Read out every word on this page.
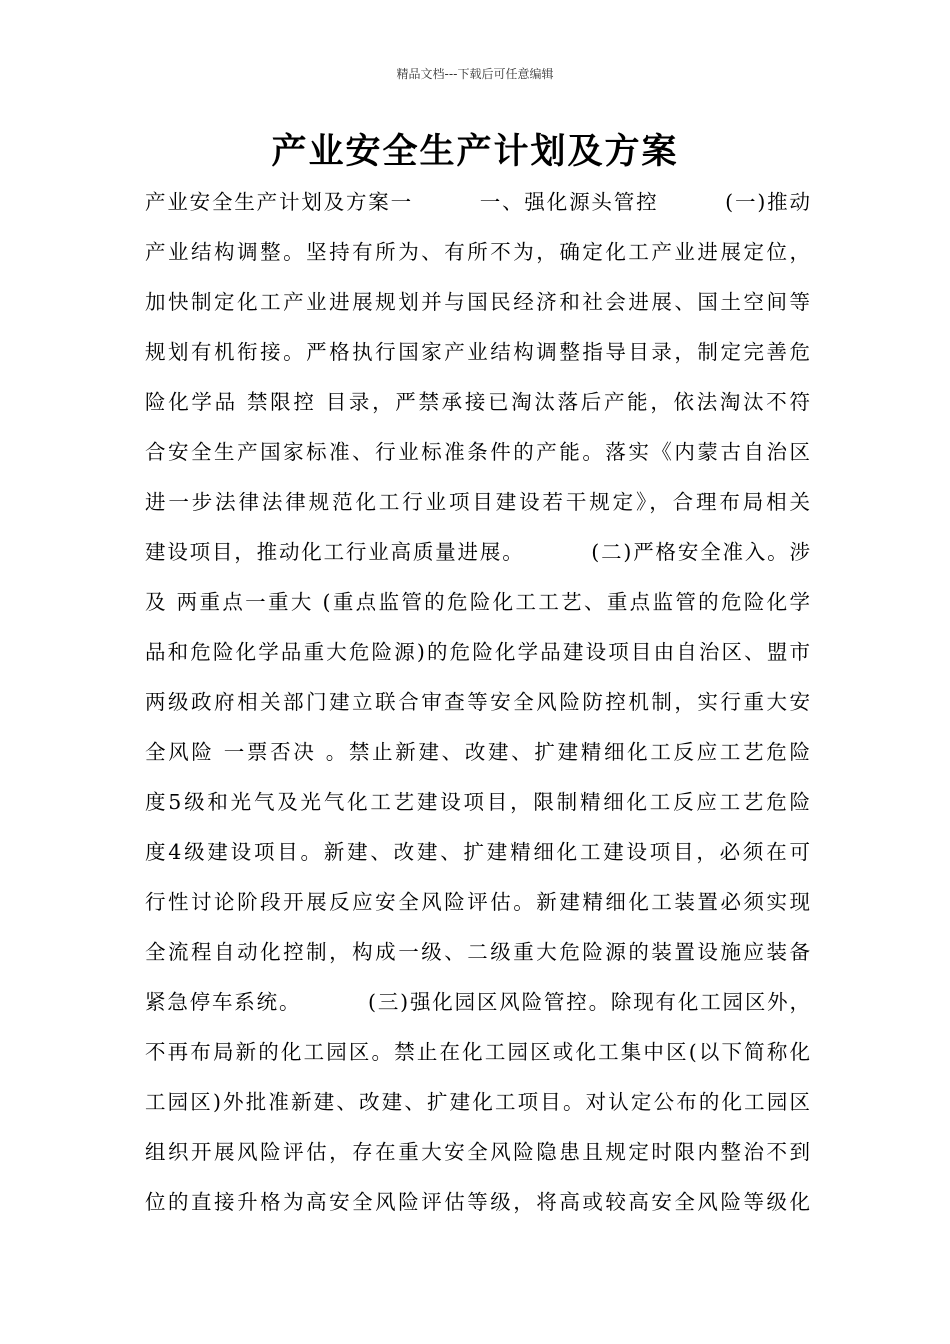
精品文档---下载后可任意编辑
产业安全生产计划及方案
产业安全生产计划及方案一        一、强化源头管控        (一)推动
产业结构调整。坚持有所为、有所不为，确定化工产业进展定位，
加快制定化工产业进展规划并与国民经济和社会进展、国土空间等
规划有机衔接。严格执行国家产业结构调整指导目录，制定完善危
险化学品 禁限控 目录，严禁承接已淘汰落后产能，依法淘汰不符
合安全生产国家标准、行业标准条件的产能。落实《内蒙古自治区
进一步法律法律规范化工行业项目建设若干规定》，合理布局相关
建设项目，推动化工行业高质量进展。        (二)严格安全准入。涉
及 两重点一重大 (重点监管的危险化工工艺、重点监管的危险化学
品和危险化学品重大危险源)的危险化学品建设项目由自治区、盟市
两级政府相关部门建立联合审查等安全风险防控机制，实行重大安
全风险 一票否决 。禁止新建、改建、扩建精细化工反应工艺危险
度5级和光气及光气化工艺建设项目，限制精细化工反应工艺危险
度4级建设项目。新建、改建、扩建精细化工建设项目，必须在可
行性讨论阶段开展反应安全风险评估。新建精细化工装置必须实现
全流程自动化控制，构成一级、二级重大危险源的装置设施应装备
紧急停车系统。        (三)强化园区风险管控。除现有化工园区外，
不再布局新的化工园区。禁止在化工园区或化工集中区(以下简称化
工园区)外批准新建、改建、扩建化工项目。对认定公布的化工园区
组织开展风险评估，存在重大安全风险隐患且规定时限内整治不到
位的直接升格为高安全风险评估等级，将高或较高安全风险等级化
